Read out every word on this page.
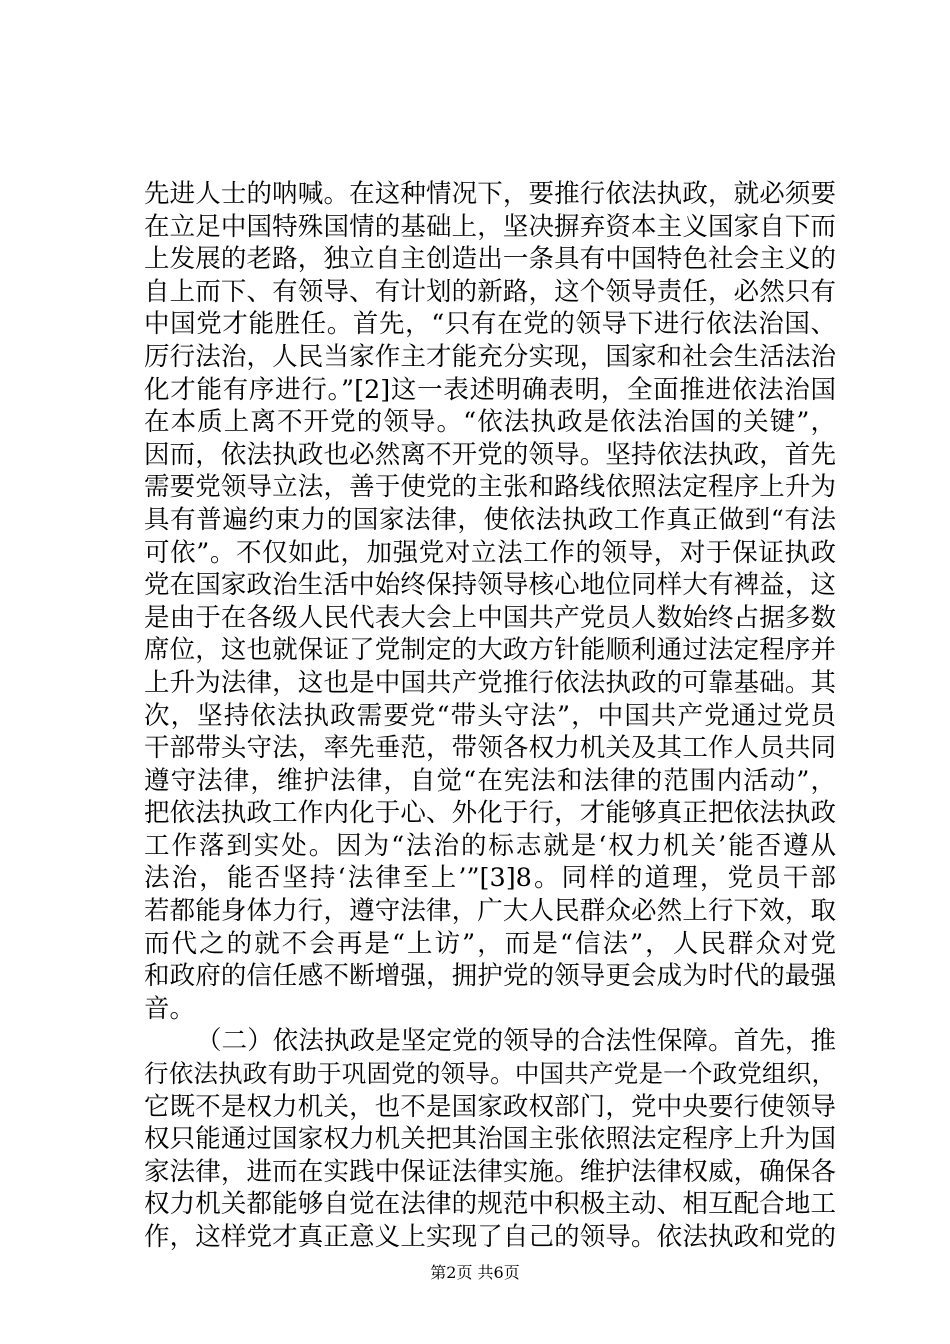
先进人士的呐喊。在这种情况下，要推行依法执政，就必须要
在立足中国特殊国情的基础上，坚决摒弃资本主义国家自下而
上发展的老路，独立自主创造出一条具有中国特色社会主义的
自上而下、有领导、有计划的新路，这个领导责任，必然只有
中国党才能胜任。首先，“只有在党的领导下进行依法治国、
厉行法治，人民当家作主才能充分实现，国家和社会生活法治
化才能有序进行。”[2]这一表述明确表明，全面推进依法治国
在本质上离不开党的领导。“依法执政是依法治国的关键”，
因而，依法执政也必然离不开党的领导。坚持依法执政，首先
需要党领导立法，善于使党的主张和路线依照法定程序上升为
具有普遍约束力的国家法律，使依法执政工作真正做到“有法
可依”。不仅如此，加强党对立法工作的领导，对于保证执政
党在国家政治生活中始终保持领导核心地位同样大有裨益，这
是由于在各级人民代表大会上中国共产党员人数始终占据多数
席位，这也就保证了党制定的大政方针能顺利通过法定程序并
上升为法律，这也是中国共产党推行依法执政的可靠基础。其
次，坚持依法执政需要党“带头守法”，中国共产党通过党员
干部带头守法，率先垂范，带领各权力机关及其工作人员共同
遵守法律，维护法律，自觉“在宪法和法律的范围内活动”，
把依法执政工作内化于心、外化于行，才能够真正把依法执政
工作落到实处。因为“法治的标志就是‘权力机关’能否遵从
法治，能否坚持‘法律至上’”[3]8。同样的道理，党员干部
若都能身体力行，遵守法律，广大人民群众必然上行下效，取
而代之的就不会再是“上访”，而是“信法”，人民群众对党
和政府的信任感不断增强，拥护党的领导更会成为时代的最强
音。
（二）依法执政是坚定党的领导的合法性保障。首先，推
行依法执政有助于巩固党的领导。中国共产党是一个政党组织，
它既不是权力机关，也不是国家政权部门，党中央要行使领导
权只能通过国家权力机关把其治国主张依照法定程序上升为国
家法律，进而在实践中保证法律实施。维护法律权威，确保各
权力机关都能够自觉在法律的规范中积极主动、相互配合地工
作，这样党才真正意义上实现了自己的领导。依法执政和党的
第2页 共6页
